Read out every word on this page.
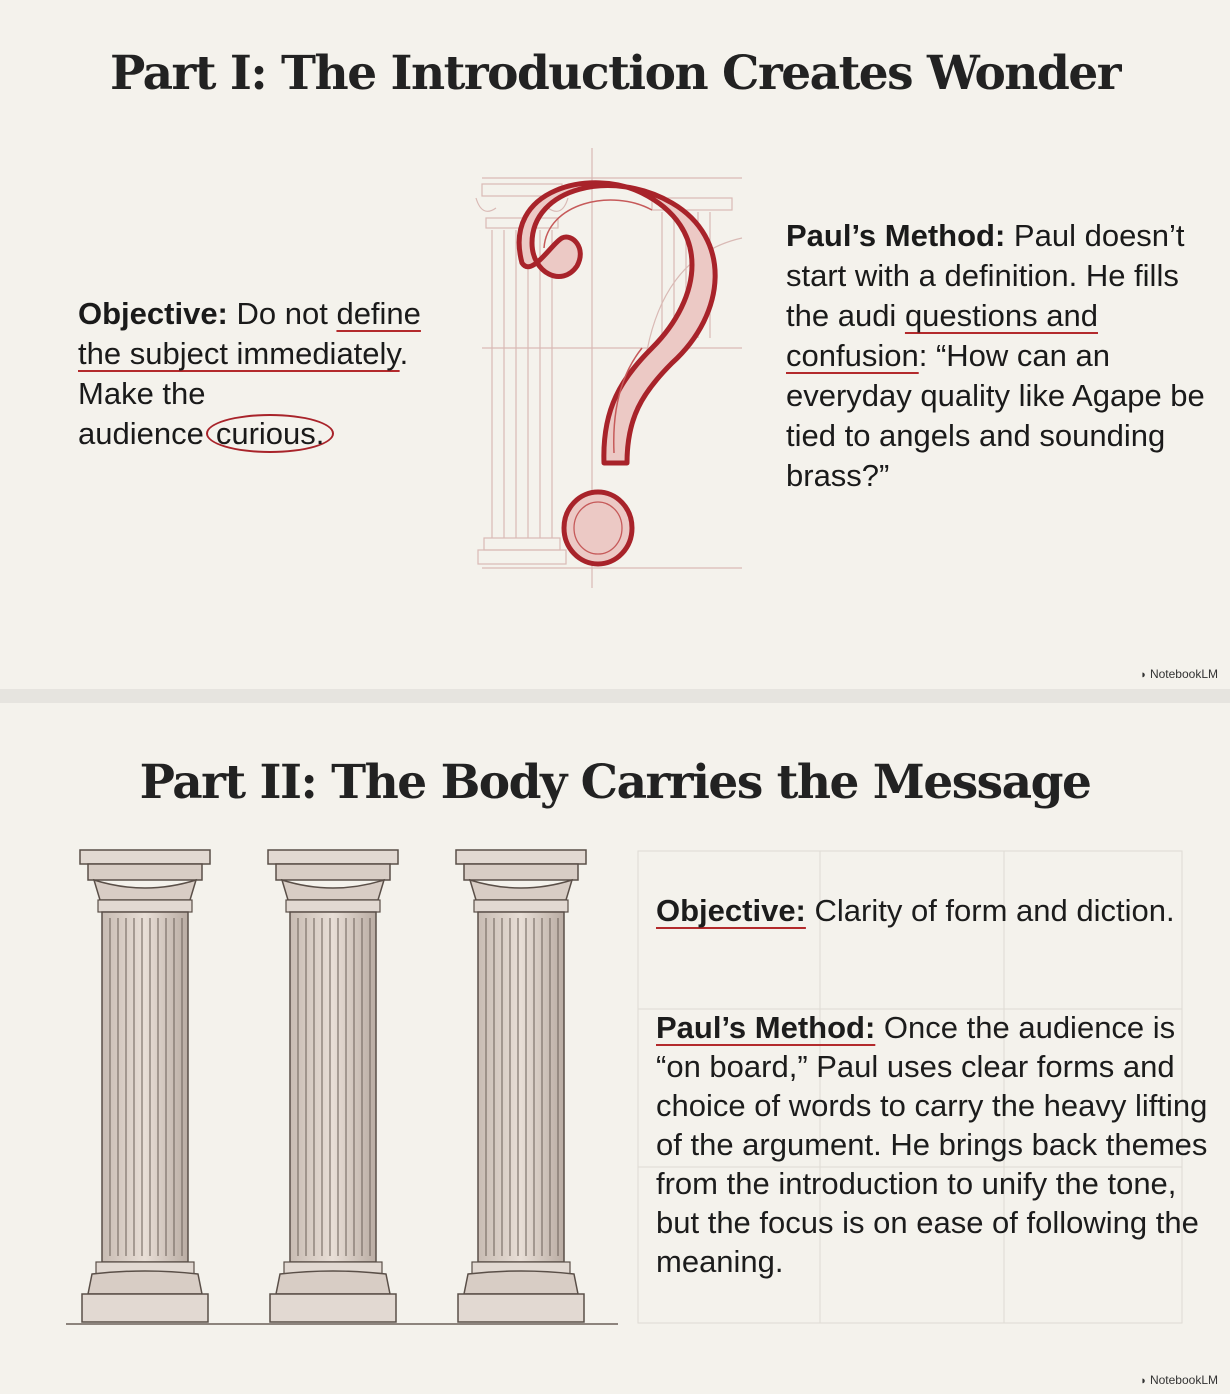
Part I: The Introduction Creates Wonder

Objective: Do not define the subject immediately. Make the audience curious.

Paul’s Method: Paul doesn’t start with a definition. He fills the audi questions and confusion: “How can an everyday quality like Agape be tied to angels and sounding brass?”

◗ NotebookLM
Part II: The Body Carries the Message

Objective: Clarity of form and diction.

Paul’s Method: Once the audience is “on board,” Paul uses clear forms and choice of words to carry the heavy lifting of the argument. He brings back themes from the introduction to unify the tone, but the focus is on ease of following the meaning.

◗ NotebookLM
